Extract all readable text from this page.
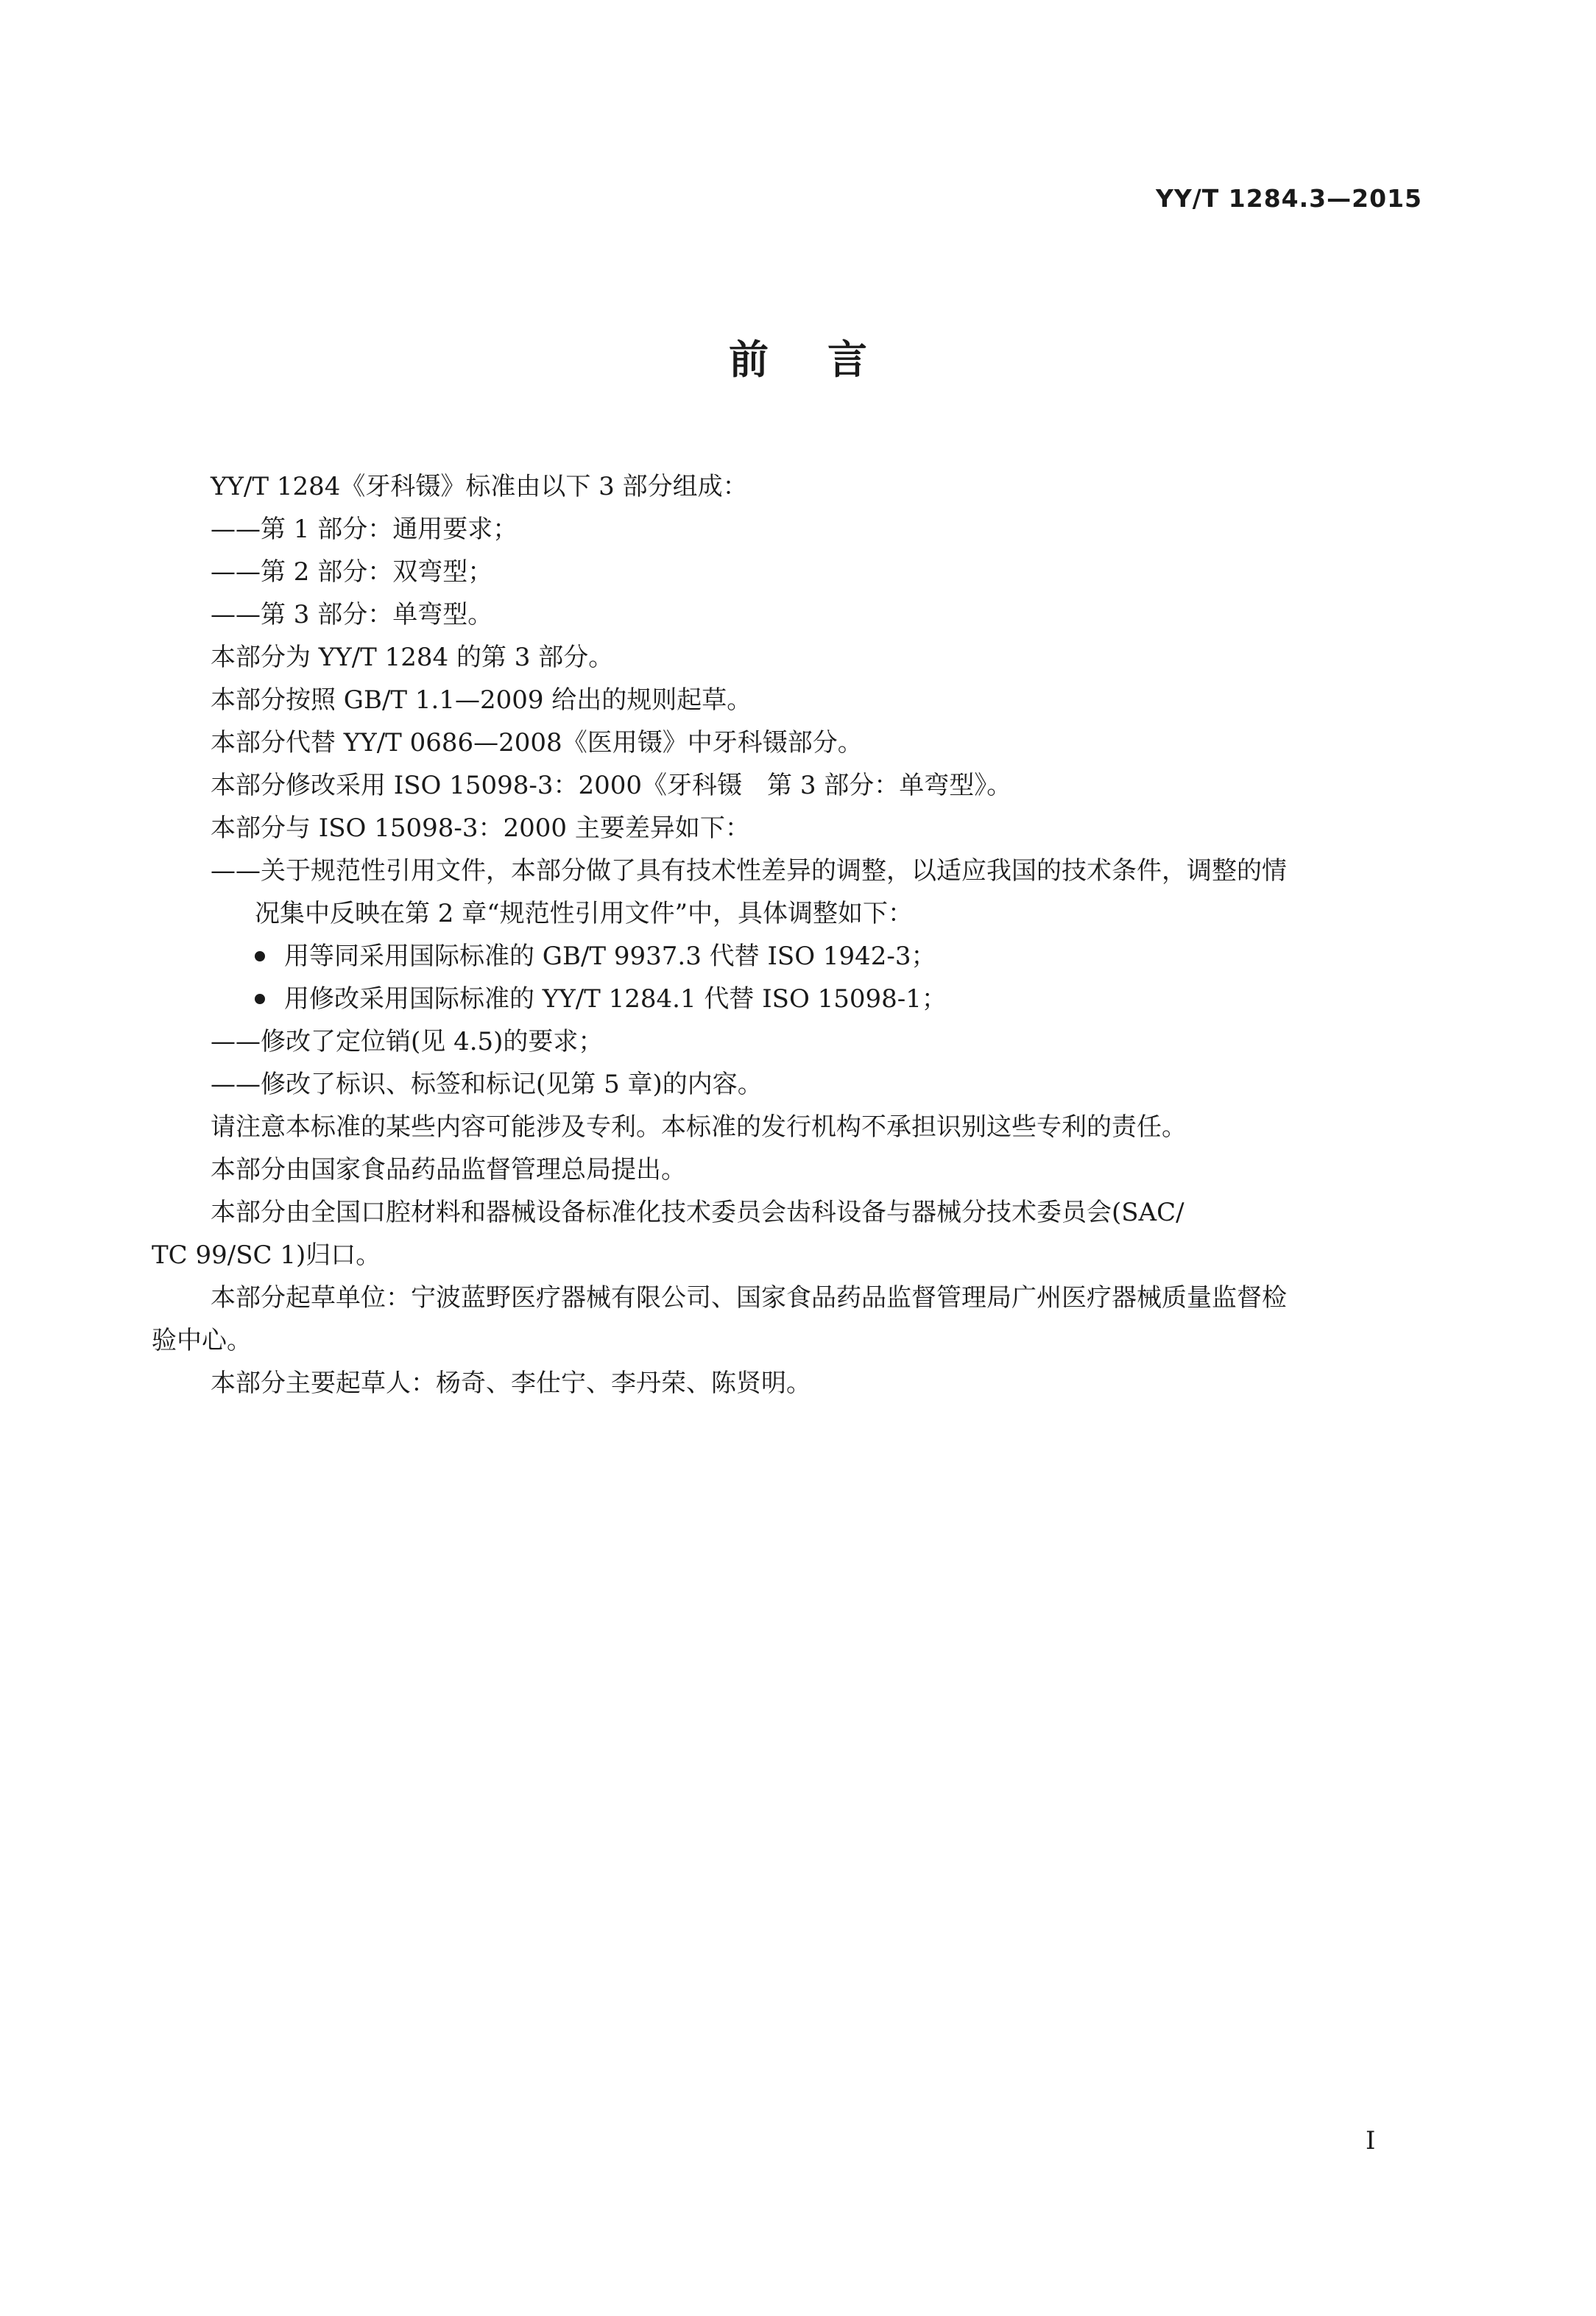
YY/T 1284.3—2015
前言
YY/T 1284《牙科镊》标准由以下 3 部分组成：
——第 1 部分：通用要求；
——第 2 部分：双弯型；
——第 3 部分：单弯型。
本部分为 YY/T 1284 的第 3 部分。
本部分按照 GB/T 1.1—2009 给出的规则起草。
本部分代替 YY/T 0686—2008《医用镊》中牙科镊部分。
本部分修改采用 ISO 15098-3：2000《牙科镊　第 3 部分：单弯型》。
本部分与 ISO 15098-3：2000 主要差异如下：
——关于规范性引用文件，本部分做了具有技术性差异的调整，以适应我国的技术条件，调整的情
况集中反映在第 2 章“规范性引用文件”中，具体调整如下：
用等同采用国际标准的 GB/T 9937.3 代替 ISO 1942-3；
用修改采用国际标准的 YY/T 1284.1 代替 ISO 15098-1；
——修改了定位销(见 4.5)的要求；
——修改了标识、标签和标记(见第 5 章)的内容。
请注意本标准的某些内容可能涉及专利。本标准的发行机构不承担识别这些专利的责任。
本部分由国家食品药品监督管理总局提出。
本部分由全国口腔材料和器械设备标准化技术委员会齿科设备与器械分技术委员会(SAC/
TC 99/SC 1)归口。
本部分起草单位：宁波蓝野医疗器械有限公司、国家食品药品监督管理局广州医疗器械质量监督检
验中心。
本部分主要起草人：杨奇、李仕宁、李丹荣、陈贤明。
I
